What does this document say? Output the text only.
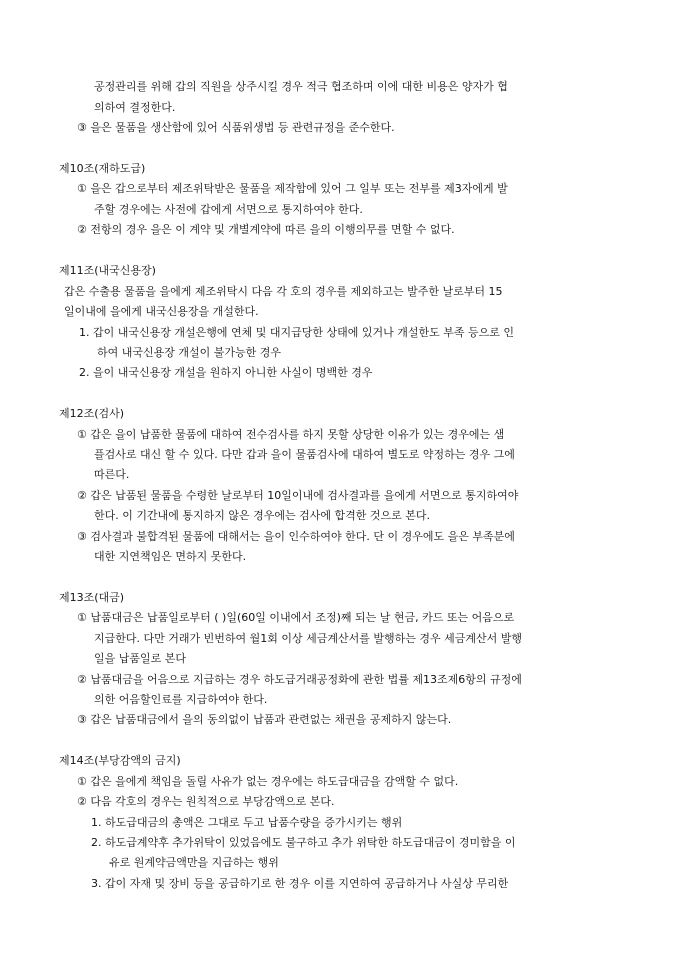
공정관리를 위해 갑의 직원을 상주시킬 경우 적극 협조하며 이에 대한 비용은 양자가 협
의하여 결정한다.
③ 을은 물품을 생산함에 있어 식품위생법 등 관련규정을 준수한다.
제10조(재하도급)
① 을은 갑으로부터 제조위탁받은 물품을 제작함에 있어 그 일부 또는 전부를 제3자에게 발
주할 경우에는 사전에 갑에게 서면으로 통지하여야 한다.
② 전항의 경우 을은 이 계약 및 개별계약에 따른 을의 이행의무를 면할 수 없다.
제11조(내국신용장)
갑은 수출용 물품을 을에게 제조위탁시 다음 각 호의 경우를 제외하고는 발주한 날로부터 15
일이내에 을에게 내국신용장을 개설한다.
1. 갑이 내국신용장 개설은행에 연체 및 대지급당한 상태에 있거나 개설한도 부족 등으로 인
하여 내국신용장 개설이 불가능한 경우
2. 을이 내국신용장 개설을 원하지 아니한 사실이 명백한 경우
제12조(검사)
① 갑은 을이 납품한 물품에 대하여 전수검사를 하지 못할 상당한 이유가 있는 경우에는 샘
플검사로 대신 할 수 있다. 다만 갑과 을이 물품검사에 대하여 별도로 약정하는 경우 그에
따른다.
② 갑은 납품된 물품을 수령한 날로부터 10일이내에 검사결과를 을에게 서면으로 통지하여야
한다. 이 기간내에 통지하지 않은 경우에는 검사에 합격한 것으로 본다.
③ 검사결과 불합격된 물품에 대해서는 을이 인수하여야 한다. 단 이 경우에도 을은 부족분에
대한 지연책임은 면하지 못한다.
제13조(대금)
① 납품대금은 납품일로부터 ( )일(60일 이내에서 조정)째 되는 날 현금, 카드 또는 어음으로
지급한다. 다만 거래가 빈번하여 월1회 이상 세금계산서를 발행하는 경우 세금계산서 발행
일을 납품일로 본다
② 납품대금을 어음으로 지급하는 경우 하도급거래공정화에 관한 법률 제13조제6항의 규정에
의한 어음할인료를 지급하여야 한다.
③ 갑은 납품대금에서 을의 동의없이 납품과 관련없는 채권을 공제하지 않는다.
제14조(부당감액의 금지)
① 갑은 을에게 책임을 돌릴 사유가 없는 경우에는 하도급대금을 감액할 수 없다.
② 다음 각호의 경우는 원칙적으로 부당감액으로 본다.
1. 하도급대금의 총액은 그대로 두고 납품수량을 증가시키는 행위
2. 하도급계약후 추가위탁이 있었음에도 불구하고 추가 위탁한 하도급대금이 경미함을 이
유로 원계약금액만을 지급하는 행위
3. 갑이 자재 및 장비 등을 공급하기로 한 경우 이를 지연하여 공급하거나 사실상 무리한
